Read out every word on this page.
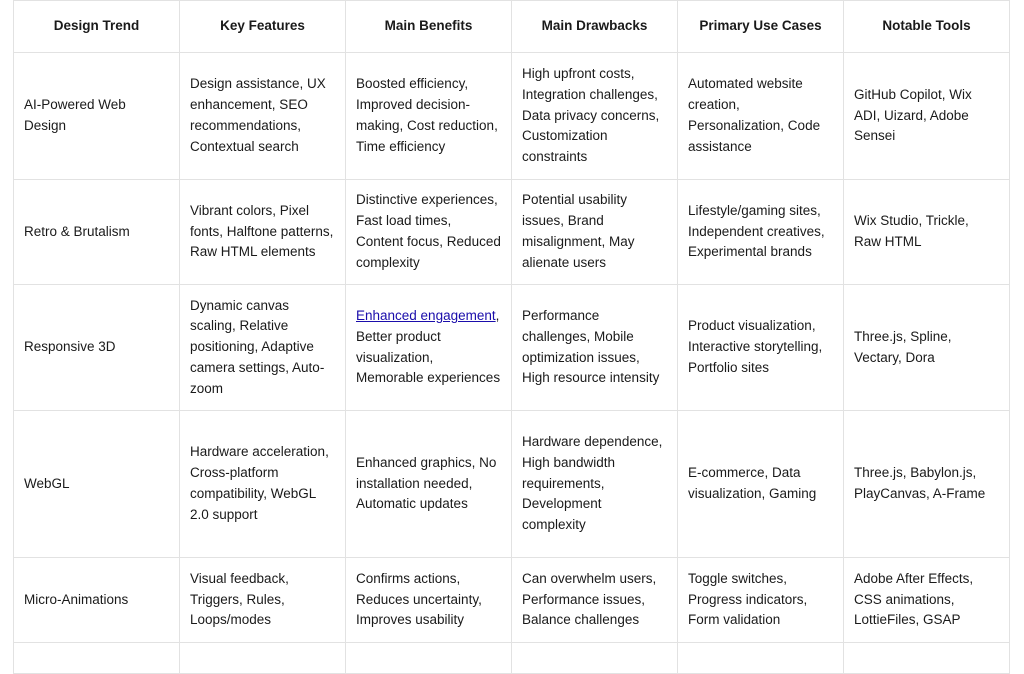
Design Trend	Key Features	Main Benefits	Main Drawbacks	Primary Use Cases	Notable Tools
AI-Powered Web Design	Design assistance, UX enhancement, SEO recommendations, Contextual search	Boosted efficiency, Improved decision-making, Cost reduction, Time efficiency	High upfront costs, Integration challenges, Data privacy concerns, Customization constraints	Automated website creation, Personalization, Code assistance	GitHub Copilot, Wix ADI, Uizard, Adobe Sensei
Retro & Brutalism	Vibrant colors, Pixel fonts, Halftone patterns, Raw HTML elements	Distinctive experiences, Fast load times, Content focus, Reduced complexity	Potential usability issues, Brand misalignment, May alienate users	Lifestyle/gaming sites, Independent creatives, Experimental brands	Wix Studio, Trickle, Raw HTML
Responsive 3D	Dynamic canvas scaling, Relative positioning, Adaptive camera settings, Auto-zoom	Enhanced engagement, Better product visualization, Memorable experiences	Performance challenges, Mobile optimization issues, High resource intensity	Product visualization, Interactive storytelling, Portfolio sites	Three.js, Spline, Vectary, Dora
WebGL	Hardware acceleration, Cross-platform compatibility, WebGL 2.0 support	Enhanced graphics, No installation needed, Automatic updates	Hardware dependence, High bandwidth requirements, Development complexity	E-commerce, Data visualization, Gaming	Three.js, Babylon.js, PlayCanvas, A-Frame
Micro-Animations	Visual feedback, Triggers, Rules, Loops/modes	Confirms actions, Reduces uncertainty, Improves usability	Can overwhelm users, Performance issues, Balance challenges	Toggle switches, Progress indicators, Form validation	Adobe After Effects, CSS animations, LottieFiles, GSAP
